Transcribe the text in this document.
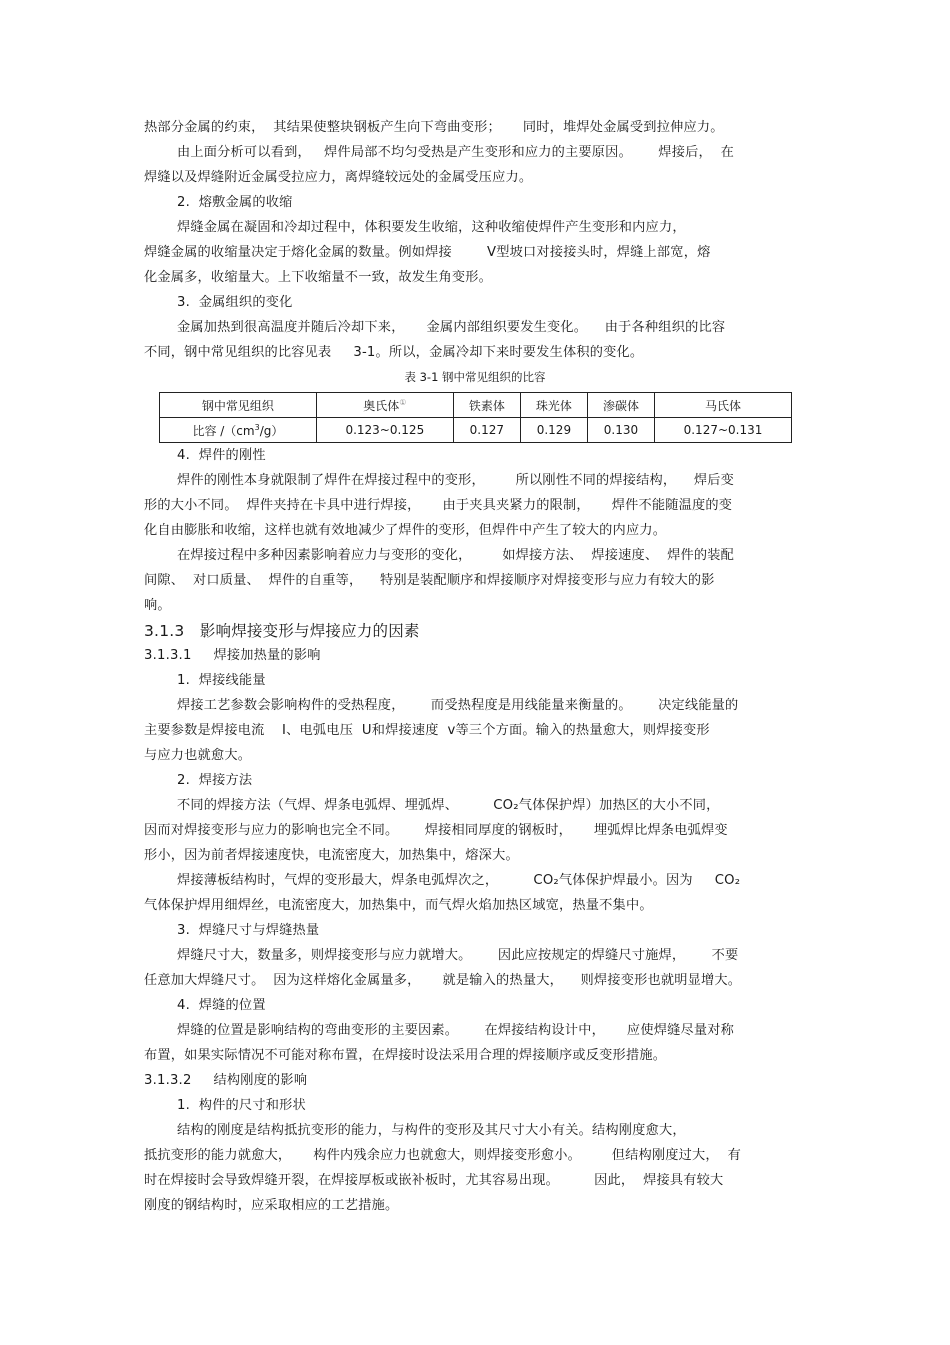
热部分金属的约束，  其结果使整块钢板产生向下弯曲变形；     同时，堆焊处金属受到拉伸应力。
由上面分析可以看到，   焊件局部不均匀受热是产生变形和应力的主要原因。      焊接后，  在
焊缝以及焊缝附近金属受拉应力，离焊缝较远处的金属受压应力。
2.  熔敷金属的收缩
焊缝金属在凝固和冷却过程中，体积要发生收缩，这种收缩使焊件产生变形和内应力，
焊缝金属的收缩量决定于熔化金属的数量。例如焊接        V型坡口对接接头时，焊缝上部宽，熔
化金属多，收缩量大。上下收缩量不一致，故发生角变形。
3.  金属组织的变化
金属加热到很高温度并随后冷却下来，     金属内部组织要发生变化。    由于各种组织的比容
不同，钢中常见组织的比容见表     3-1。所以，金属冷却下来时要发生体积的变化。
表 3-1 钢中常见组织的比容
钢中常见组织	奥氏体①	铁素体	珠光体	渗碳体	马氏体
比容 $/(cm^3/g)$	0.123~0.125	0.127	0.129	0.130	0.127~0.131
4.  焊件的刚性
焊件的刚性本身就限制了焊件在焊接过程中的变形，       所以刚性不同的焊接结构，    焊后变
形的大小不同。  焊件夹持在卡具中进行焊接，     由于夹具夹紧力的限制，     焊件不能随温度的变
化自由膨胀和收缩，这样也就有效地减少了焊件的变形，但焊件中产生了较大的内应力。
在焊接过程中多种因素影响着应力与变形的变化，       如焊接方法、  焊接速度、  焊件的装配
间隙、  对口质量、  焊件的自重等，    特别是装配顺序和焊接顺序对焊接变形与应力有较大的影
响。
3.1.3   影响焊接变形与焊接应力的因素
3.1.3.1     焊接加热量的影响
1.  焊接线能量
焊接工艺参数会影响构件的受热程度，      而受热程度是用线能量来衡量的。      决定线能量的
主要参数是焊接电流    I、电弧电压  U和焊接速度  v等三个方面。输入的热量愈大，则焊接变形
与应力也就愈大。
2.  焊接方法
不同的焊接方法（气焊、焊条电弧焊、埋弧焊、        CO₂气体保护焊）加热区的大小不同，
因而对焊接变形与应力的影响也完全不同。      焊接相同厚度的钢板时，     埋弧焊比焊条电弧焊变
形小，因为前者焊接速度快，电流密度大，加热集中，熔深大。
焊接薄板结构时，气焊的变形最大，焊条电弧焊次之，        CO₂气体保护焊最小。因为     CO₂
气体保护焊用细焊丝，电流密度大，加热集中，而气焊火焰加热区域宽，热量不集中。
3.  焊缝尺寸与焊缝热量
焊缝尺寸大，数量多，则焊接变形与应力就增大。      因此应按规定的焊缝尺寸施焊，      不要
任意加大焊缝尺寸。  因为这样熔化金属量多，     就是输入的热量大，    则焊接变形也就明显增大。
4.  焊缝的位置
焊缝的位置是影响结构的弯曲变形的主要因素。      在焊接结构设计中，     应使焊缝尽量对称
布置，如果实际情况不可能对称布置，在焊接时设法采用合理的焊接顺序或反变形措施。
3.1.3.2     结构刚度的影响
1.  构件的尺寸和形状
结构的刚度是结构抵抗变形的能力，与构件的变形及其尺寸大小有关。结构刚度愈大，
抵抗变形的能力就愈大，     构件内残余应力也就愈大，则焊接变形愈小。       但结构刚度过大，  有
时在焊接时会导致焊缝开裂，在焊接厚板或嵌补板时，尤其容易出现。        因此，  焊接具有较大
刚度的钢结构时，应采取相应的工艺措施。
